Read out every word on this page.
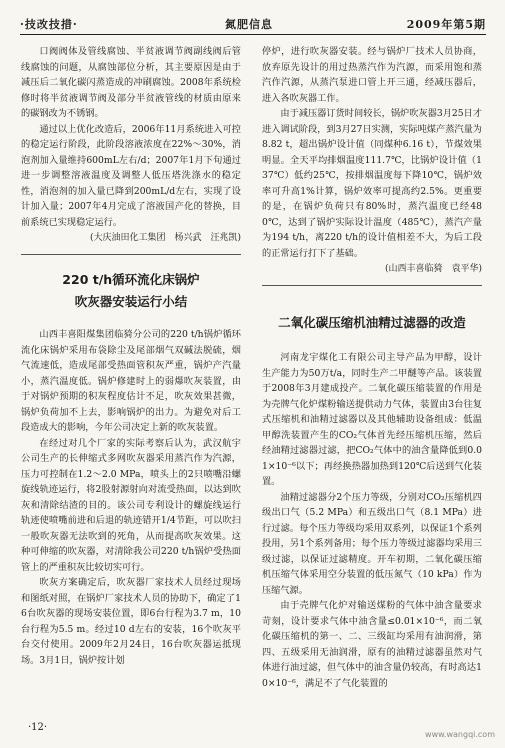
·技改技措·	氮肥信息	2009年第5期

口阀阀体及管线腐蚀、半贫液调节阀副线阀后管线腐蚀的问题，从腐蚀部位分析，其主要原因是由于减压后二氧化碳闪蒸造成的冲刷腐蚀。2008年系统检修时将半贫液调节阀及部分半贫液管线的材质由原来的碳钢改为不锈钢。

通过以上优化改造后，2006年11月系统进入可控的稳定运行阶段，此阶段溶液浓度在22%～30%，消泡剂加入量维持600mL左右/d；2007年1月下旬通过进一步调整溶液温度及调整人低压塔洗涤水的稳定性，消泡剂的加入量已降到200mL/d左右，实现了设计加入量；2007年4月完成了溶液国产化的替换，目前系统已实现稳定运行。

(大庆油田化工集团　杨兴武　汪兆凯)
220 t/h循环流化床锅炉
吹灰器安装运行小结

山西丰喜阳煤集团临猗分公司的220 t/h锅炉循环流化床锅炉采用布袋除尘及尾部烟气双碱法脱硫，烟气流速低，造成尾部受热面管积灰严重，锅炉产汽量小，蒸汽温度低。锅炉修建时上的弱爆吹灰装置，由于对锅炉预期的积灰程度估计不足，吹灰效果甚微，锅炉负荷加不上去，影响锅炉的出力。为避免对后工段造成大的影响，今年公司决定上新的吹灰装置。

在经过对几个厂家的实际考察后认为，武汉航宇公司生产的长伸缩式多网吹灰器采用蒸汽作为汽源，压力可控制在1.2～2.0 MPa，喷头上的2只喷嘴沿螺旋线轨迹运行，将2股射源射向对流受热面，以达到吹灰和清除结渣的目的。该公司专利设计的螺旋线运行轨迹使喷嘴前进和后退的轨迹错开1/4节距，可以吹扫一般吹灰器无法吹到的死角，从而提高吹灰效果。这种可伸缩的吹灰器，对清除我公司220 t/h锅炉受热面管上的严重积灰比较切实可行。

吹灰方案确定后，吹灰器厂家技术人员经过现场和图纸对照，在锅炉厂家技术人员的协助下，确定了16台吹灰器的现场安装位置，即6台行程为3.7 m，10台行程为5.5 m。经过10 d左右的安装，16个吹灰平台交付使用。2009年2月24日，16台吹灰器运抵现场。3月1日，锅炉按计划

停炉，进行吹灰器安装。经与锅炉厂技术人员协商，放弃原先设计的用过热蒸汽作为汽源，而采用饱和蒸汽作汽源，从蒸汽泵进口管上开三通，经减压器后，进入各吹灰器工作。

由于减压器订货时间较长，锅炉吹灰器3月25日才进入调试阶段，到3月27日实测，实际吨煤产蒸汽量为8.82 t，超出锅炉设计值（同煤种6.16 t），节煤效果明显。全天平均排烟温度111.7℃，比锅炉设计值（137℃）低约25℃，按排烟温度每下降10℃，锅炉效率可升高1%计算，锅炉效率可提高约2.5%。更重要的是，在锅炉负荷只有80%时，蒸汽温度已经480℃，达到了锅炉实际设计温度（485℃），蒸汽产量为194 t/h，离220 t/h的设计值相差不大，为后工段的正常运行打下了基础。

(山西丰喜临猗　袁平华)
二氧化碳压缩机油精过滤器的改造

河南龙宇煤化工有限公司主导产品为甲醇，设计生产能力为50万t/a，同时生产二甲醚等产品。该装置于2008年3月建成投产。二氧化碳压缩装置的作用是为壳牌气化炉煤粉输送提供动力气体，装置由3台往复式压缩机和油精过滤器以及其他辅助设备组成：低温甲醇洗装置产生的CO₂气体首先经压缩机压缩，然后经油精过滤器过滤，把CO₂气体中的油含量降低到0.01×10⁻⁶以下；再经换热器加热到120℃后送到气化装置。

油精过滤器分2个压力等级，分别对CO₂压缩机四级出口气（5.2 MPa）和五级出口气（8.1 MPa）进行过滤。每个压力等级均采用双系列，以保证1个系列投用，另1个系列备用；每个压力等级过滤器均采用三级过滤，以保证过滤精度。开车初期，二氧化碳压缩机压缩气体采用空分装置的低压氮气（10 kPa）作为压缩气源。

由于壳牌气化炉对输送煤粉的气体中油含量要求苛刻，设计要求气体中油含量≤0.01×10⁻⁶，而二氧化碳压缩机的第一、二、三级缸均采用有油润滑，第四、五级采用无油润滑，原有的油精过滤器虽然对气体进行油过滤，但气体中的油含量仍较高，有时高达10×10⁻⁶，满足不了气化装置的

·12·
www.wangqi.com
